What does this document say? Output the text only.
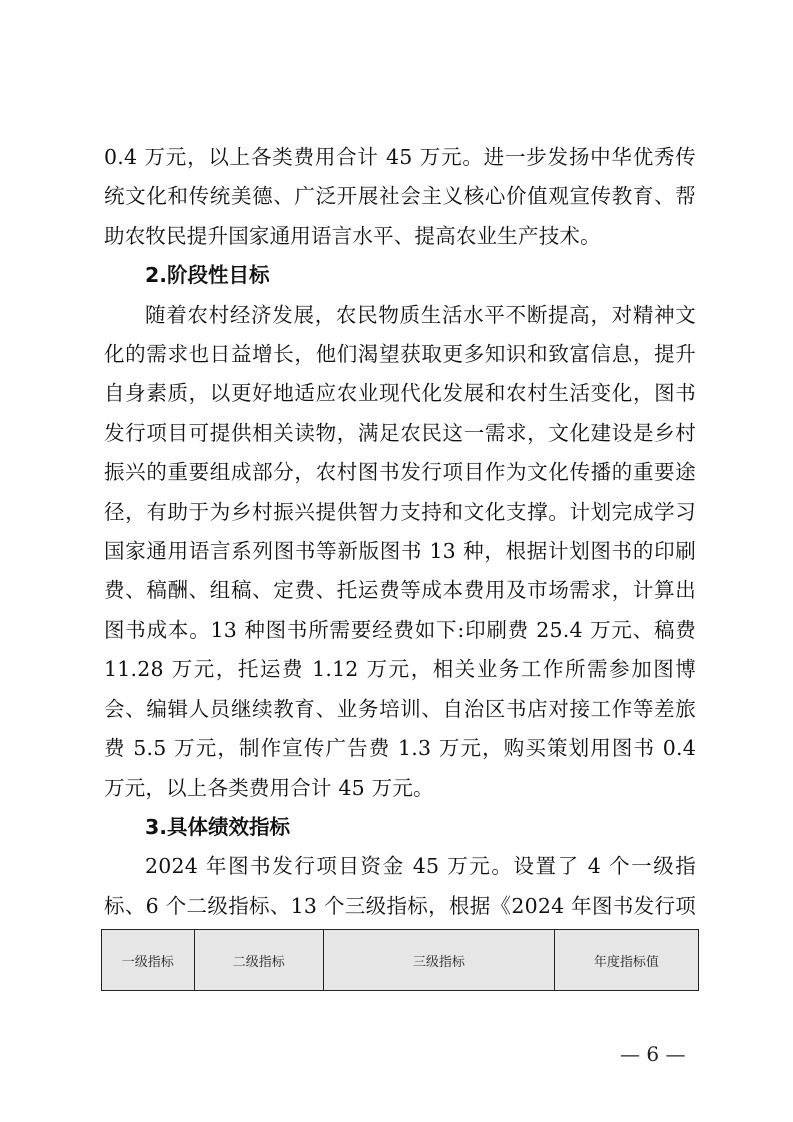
0.4 万元，以上各类费用合计 45 万元。进一步发扬中华优秀传统文化和传统美德、广泛开展社会主义核心价值观宣传教育、帮助农牧民提升国家通用语言水平、提高农业生产技术。

2.阶段性目标

随着农村经济发展，农民物质生活水平不断提高，对精神文化的需求也日益增长，他们渴望获取更多知识和致富信息，提升自身素质，以更好地适应农业现代化发展和农村生活变化，图书发行项目可提供相关读物，满足农民这一需求，文化建设是乡村振兴的重要组成部分，农村图书发行项目作为文化传播的重要途径，有助于为乡村振兴提供智力支持和文化支撑。计划完成学习国家通用语言系列图书等新版图书 13 种，根据计划图书的印刷费、稿酬、组稿、定费、托运费等成本费用及市场需求，计算出图书成本。13 种图书所需要经费如下:印刷费 25.4 万元、稿费 11.28 万元，托运费 1.12 万元，相关业务工作所需参加图博会、编辑人员继续教育、业务培训、自治区书店对接工作等差旅费 5.5 万元，制作宣传广告费 1.3 万元，购买策划用图书 0.4 万元，以上各类费用合计 45 万元。

3.具体绩效指标

2024 年图书发行项目资金 45 万元。设置了 4 个一级指标、6 个二级指标、13 个三级指标，根据《2024 年图书发行项

一级指标	二级指标	三级指标	年度指标值
— 6 —
